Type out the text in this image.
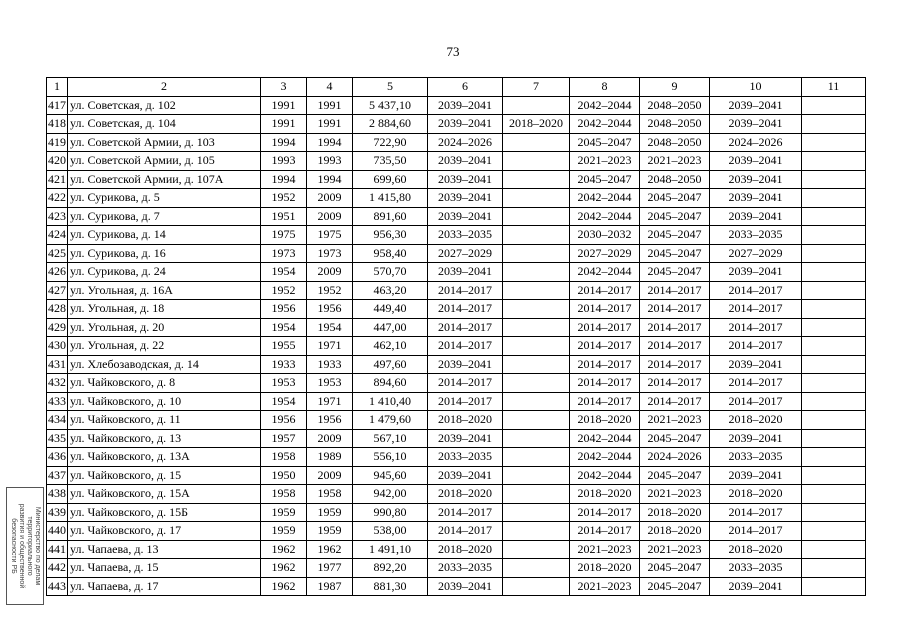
73
1	2	3	4	5	6	7	8	9	10	11
417	ул. Советская, д. 102	1991	1991	5 437,10	2039–2041		2042–2044	2048–2050	2039–2041	
418	ул. Советская, д. 104	1991	1991	2 884,60	2039–2041	2018–2020	2042–2044	2048–2050	2039–2041	
419	ул. Советской Армии, д. 103	1994	1994	722,90	2024–2026		2045–2047	2048–2050	2024–2026	
420	ул. Советской Армии, д. 105	1993	1993	735,50	2039–2041		2021–2023	2021–2023	2039–2041	
421	ул. Советской Армии, д. 107А	1994	1994	699,60	2039–2041		2045–2047	2048–2050	2039–2041	
422	ул. Сурикова, д. 5	1952	2009	1 415,80	2039–2041		2042–2044	2045–2047	2039–2041	
423	ул. Сурикова, д. 7	1951	2009	891,60	2039–2041		2042–2044	2045–2047	2039–2041	
424	ул. Сурикова, д. 14	1975	1975	956,30	2033–2035		2030–2032	2045–2047	2033–2035	
425	ул. Сурикова, д. 16	1973	1973	958,40	2027–2029		2027–2029	2045–2047	2027–2029	
426	ул. Сурикова, д. 24	1954	2009	570,70	2039–2041		2042–2044	2045–2047	2039–2041	
427	ул. Угольная, д. 16А	1952	1952	463,20	2014–2017		2014–2017	2014–2017	2014–2017	
428	ул. Угольная, д. 18	1956	1956	449,40	2014–2017		2014–2017	2014–2017	2014–2017	
429	ул. Угольная, д. 20	1954	1954	447,00	2014–2017		2014–2017	2014–2017	2014–2017	
430	ул. Угольная, д. 22	1955	1971	462,10	2014–2017		2014–2017	2014–2017	2014–2017	
431	ул. Хлебозаводская, д. 14	1933	1933	497,60	2039–2041		2014–2017	2014–2017	2039–2041	
432	ул. Чайковского, д. 8	1953	1953	894,60	2014–2017		2014–2017	2014–2017	2014–2017	
433	ул. Чайковского, д. 10	1954	1971	1 410,40	2014–2017		2014–2017	2014–2017	2014–2017	
434	ул. Чайковского, д. 11	1956	1956	1 479,60	2018–2020		2018–2020	2021–2023	2018–2020	
435	ул. Чайковского, д. 13	1957	2009	567,10	2039–2041		2042–2044	2045–2047	2039–2041	
436	ул. Чайковского, д. 13А	1958	1989	556,10	2033–2035		2042–2044	2024–2026	2033–2035	
437	ул. Чайковского, д. 15	1950	2009	945,60	2039–2041		2042–2044	2045–2047	2039–2041	
438	ул. Чайковского, д. 15А	1958	1958	942,00	2018–2020		2018–2020	2021–2023	2018–2020	
439	ул. Чайковского, д. 15Б	1959	1959	990,80	2014–2017		2014–2017	2018–2020	2014–2017	
440	ул. Чайковского, д. 17	1959	1959	538,00	2014–2017		2014–2017	2018–2020	2014–2017	
441	ул. Чапаева, д. 13	1962	1962	1 491,10	2018–2020		2021–2023	2021–2023	2018–2020	
442	ул. Чапаева, д. 15	1962	1977	892,20	2033–2035		2018–2020	2045–2047	2033–2035	
443	ул. Чапаева, д. 17	1962	1987	881,30	2039–2041		2021–2023	2045–2047	2039–2041	
Министерство по делам
территориального
развития и общественной
безопасности РБ
